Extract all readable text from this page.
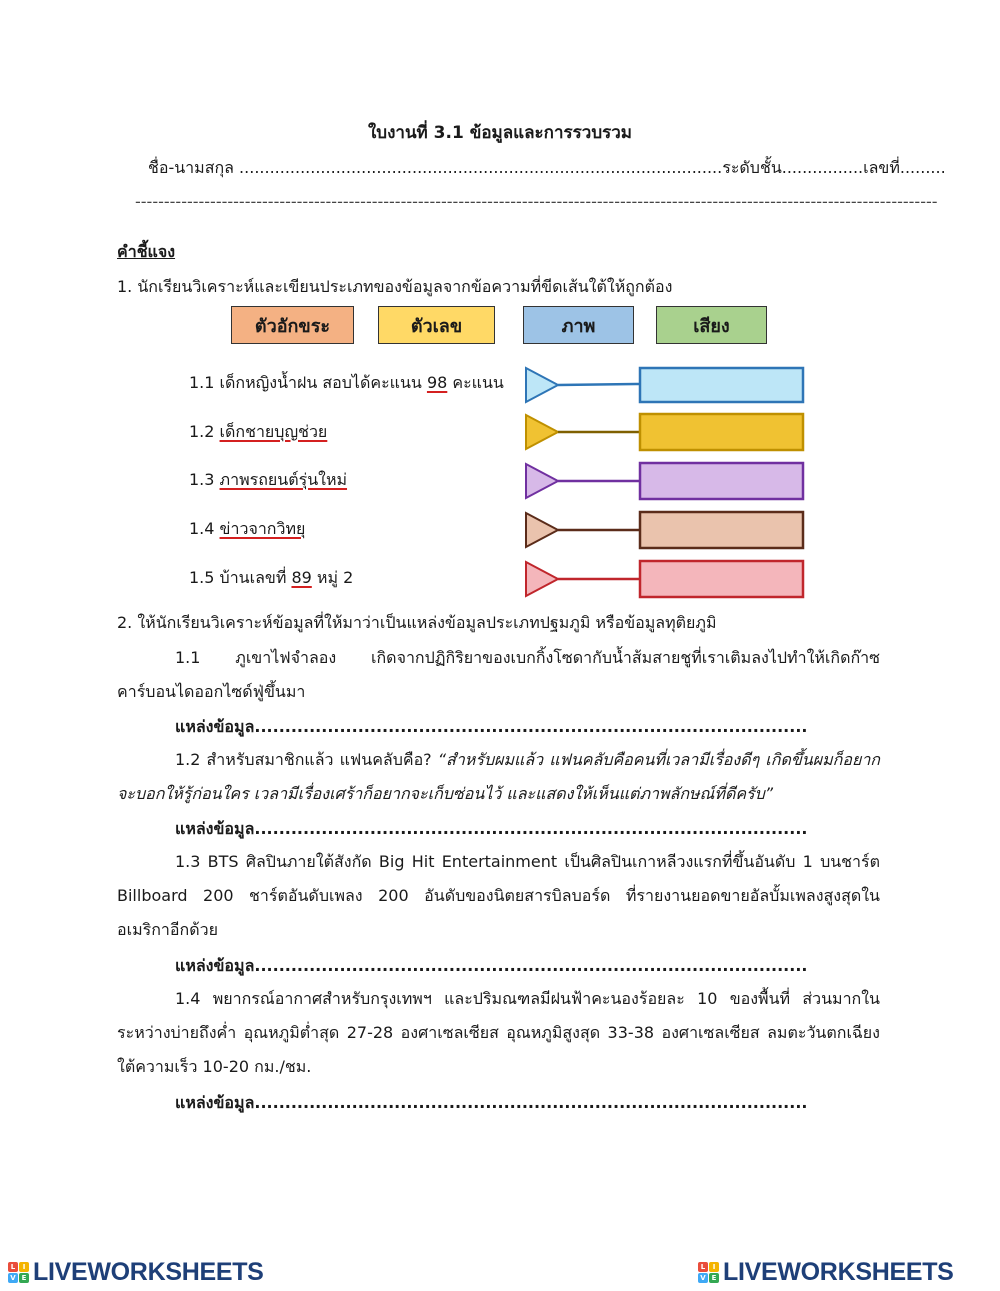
ใบงานที่ 3.1 ข้อมูลและการรวบรวม
ชื่อ-นามสกุล ...............................................................................................ระดับชั้น................เลขที่.........
-------------------------------------------------------------------------------------------------------------------------------------------
คำชี้แจง
1. นักเรียนวิเคราะห์และเขียนประเภทของข้อมูลจากข้อความที่ขีดเส้นใต้ให้ถูกต้อง
ตัวอักขระ	ตัวเลข	ภาพ	เสียง
1.1 เด็กหญิงน้ำฝน สอบได้คะแนน 98 คะแนน
1.2 เด็กชายบุญช่วย
1.3 ภาพรถยนต์รุ่นใหม่
1.4 ข่าวจากวิทยุ
1.5 บ้านเลขที่ 89 หมู่ 2
2. ให้นักเรียนวิเคราะห์ข้อมูลที่ให้มาว่าเป็นแหล่งข้อมูลประเภทปฐมภูมิ หรือข้อมูลทุติยภูมิ
1.1 ภูเขาไฟจำลอง เกิดจากปฏิกิริยาของเบกกิ้งโซดากับน้ำส้มสายชูที่เราเติมลงไปทำให้เกิดก๊าซคาร์บอนไดออกไซด์ฟู่ขึ้นมา
แหล่งข้อมูล...........................................................................................
1.2 สำหรับสมาชิกแล้ว แฟนคลับคือ? “สำหรับผมแล้ว แฟนคลับคือคนที่เวลามีเรื่องดีๆ เกิดขึ้นผมก็อยากจะบอกให้รู้ก่อนใคร เวลามีเรื่องเศร้าก็อยากจะเก็บซ่อนไว้ และแสดงให้เห็นแต่ภาพลักษณ์ที่ดีครับ”
แหล่งข้อมูล...........................................................................................
1.3 BTS ศิลปินภายใต้สังกัด Big Hit Entertainment เป็นศิลปินเกาหลีวงแรกที่ขึ้นอันดับ 1 บนชาร์ต Billboard 200 ชาร์ตอันดับเพลง 200 อันดับของนิตยสารบิลบอร์ด ที่รายงานยอดขายอัลบั้มเพลงสูงสุดในอเมริกาอีกด้วย
แหล่งข้อมูล...........................................................................................
1.4 พยากรณ์อากาศสำหรับกรุงเทพฯ และปริมณฑลมีฝนฟ้าคะนองร้อยละ 10 ของพื้นที่ ส่วนมากในระหว่างบ่ายถึงค่ำ อุณหภูมิต่ำสุด 27-28 องศาเซลเซียส อุณหภูมิสูงสุด 33-38 องศาเซลเซียส ลมตะวันตกเฉียงใต้ความเร็ว 10-20 กม./ชม.
แหล่งข้อมูล...........................................................................................
L	I
V E LIVEWORKSHEETS	L	I
V E LIVEWORKSHEETS
